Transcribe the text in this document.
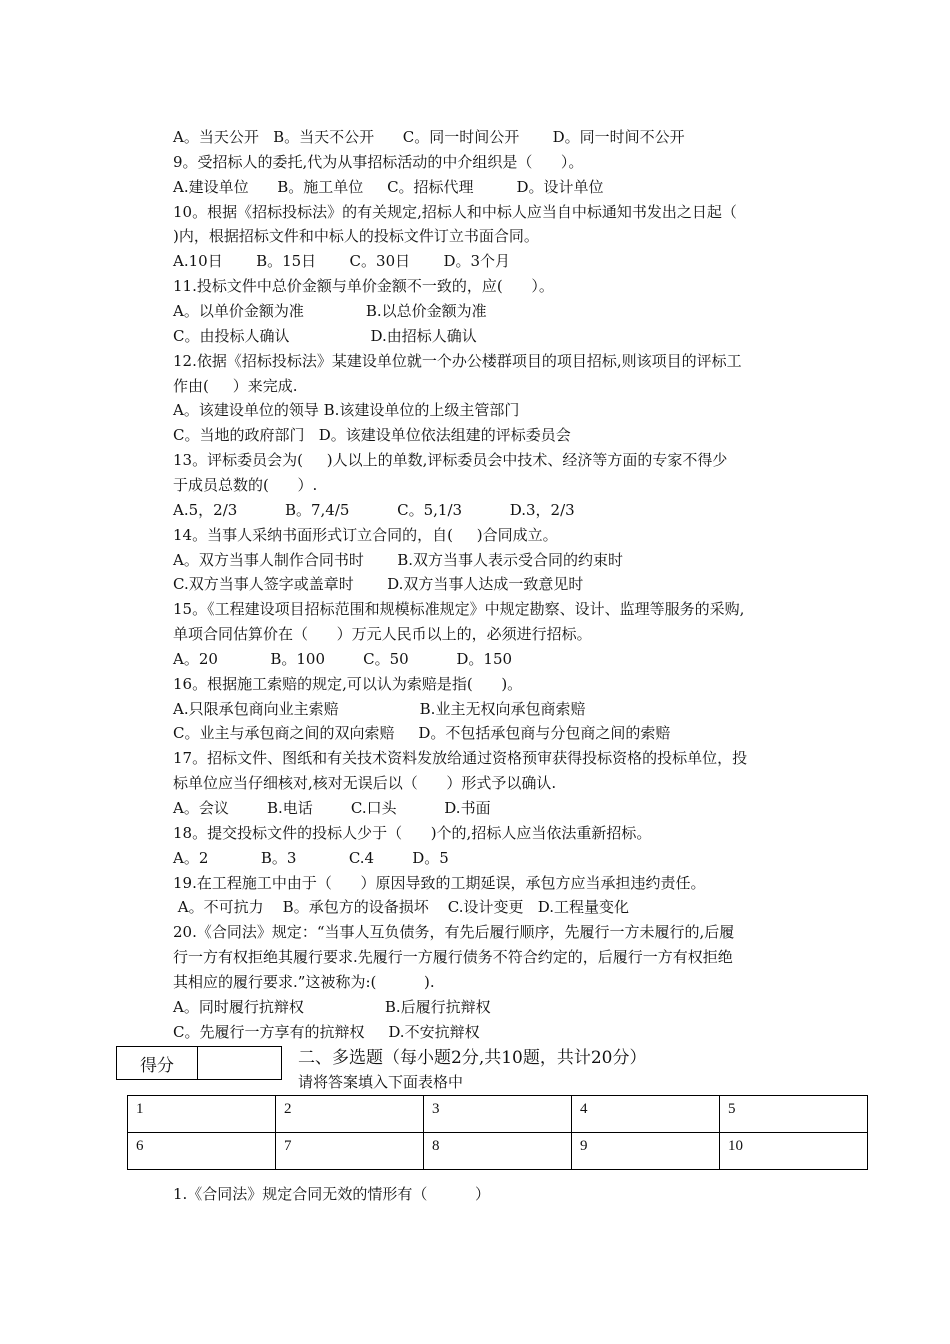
A。当天公开   B。当天不公开      C。同一时间公开       D。同一时间不公开
9。受招标人的委托,代为从事招标活动的中介组织是（      ）。
A.建设单位      B。施工单位     C。招标代理         D。设计单位
10。根据《招标投标法》的有关规定,招标人和中标人应当自中标通知书发出之日起（
)内，根据招标文件和中标人的投标文件订立书面合同。
A.10日       B。15日       C。30日       D。3个月
11.投标文件中总价金额与单价金额不一致的，应(      ）。
A。以单价金额为准             B.以总价金额为准
C。由投标人确认                 D.由招标人确认
12.依据《招标投标法》某建设单位就一个办公楼群项目的项目招标,则该项目的评标工
作由(     ）来完成.
A。该建设单位的领导 B.该建设单位的上级主管部门
C。当地的政府部门   D。该建设单位依法组建的评标委员会
13。评标委员会为(     )人以上的单数,评标委员会中技术、经济等方面的专家不得少
于成员总数的(      ）.
A.5，2/3          B。7,4/5          C。5,1/3          D.3，2/3
14。当事人采纳书面形式订立合同的，自(     )合同成立。
A。双方当事人制作合同书时       B.双方当事人表示受合同的约束时
C.双方当事人签字或盖章时       D.双方当事人达成一致意见时
15。《工程建设项目招标范围和规模标准规定》中规定勘察、设计、监理等服务的采购,
单项合同估算价在（      ）万元人民币以上的，必须进行招标。
A。20           B。100        C。50          D。150
16。根据施工索赔的规定,可以认为索赔是指(      )。
A.只限承包商向业主索赔                 B.业主无权向承包商索赔
C。业主与承包商之间的双向索赔     D。不包括承包商与分包商之间的索赔
17。招标文件、图纸和有关技术资料发放给通过资格预审获得投标资格的投标单位，投
标单位应当仔细核对,核对无误后以（      ）形式予以确认.
A。会议        B.电话        C.口头          D.书面
18。提交投标文件的投标人少于（      )个的,招标人应当依法重新招标。
A。2           B。3           C.4        D。5
19.在工程施工中由于（      ）原因导致的工期延误，承包方应当承担违约责任。
A。不可抗力    B。承包方的设备损坏    C.设计变更   D.工程量变化
20.《合同法》规定：“当事人互负债务，有先后履行顺序，先履行一方未履行的,后履
行一方有权拒绝其履行要求.先履行一方履行债务不符合约定的，后履行一方有权拒绝
其相应的履行要求.”这被称为:(          ).
A。同时履行抗辩权                 B.后履行抗辩权
C。先履行一方享有的抗辩权     D.不安抗辩权
得分	二、多选题（每小题2分,共10题，共计20分）
请将答案填入下面表格中
1	2	3	4	5
6	7	8	9	10
1.《合同法》规定合同无效的情形有（          ）
